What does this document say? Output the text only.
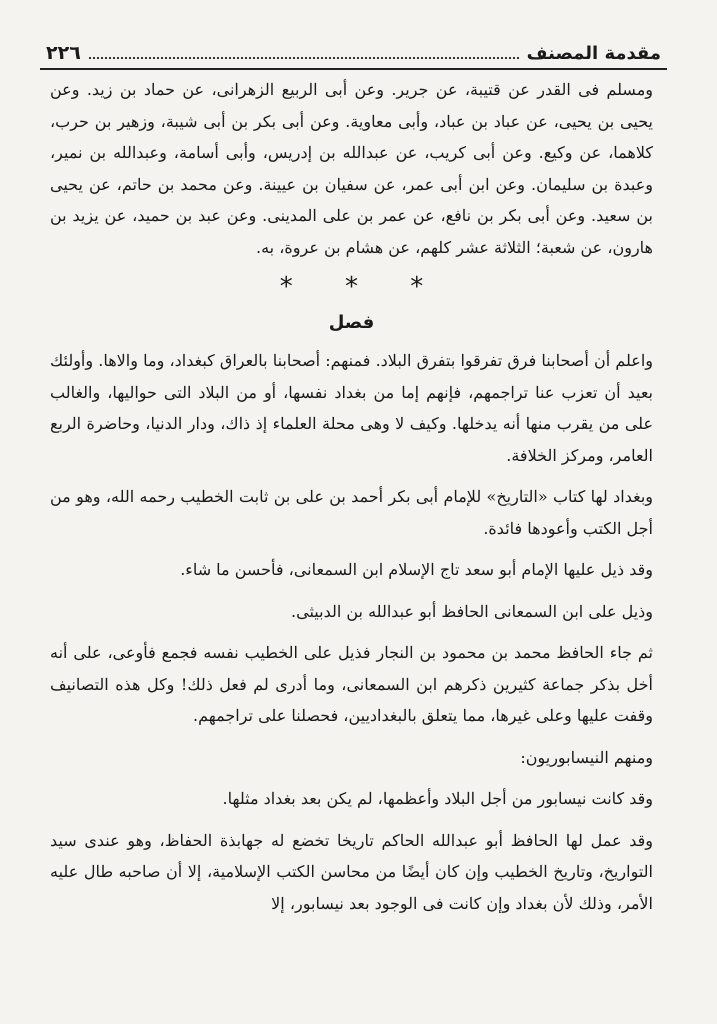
٢٢٦	مقدمة المصنف

ومسلم فى القدر عن قتيبة، عن جرير. وعن أبى الربيع الزهرانى، عن حماد بن زيد. وعن يحيى بن يحيى، عن عباد بن عباد، وأبى معاوية. وعن أبى بكر بن أبى شيبة، وزهير بن حرب، كلاهما، عن وكيع. وعن أبى كريب، عن عبدالله بن إدريس، وأبى أسامة، وعبدالله بن نمير، وعبدة بن سليمان. وعن ابن أبى عمر، عن سفيان بن عيينة. وعن محمد بن حاتم، عن يحيى بن سعيد. وعن أبى بكر بن نافع، عن عمر بن على المدينى. وعن عبد بن حميد، عن يزيد بن هارون، عن شعبة؛ الثلاثة عشر كلهم، عن هشام بن عروة، به.

* * *

فصل

واعلم أن أصحابنا فرق تفرقوا بتفرق البلاد. فمنهم: أصحابنا بالعراق كبغداد، وما والاها. وأولئك بعيد أن تعزب عنا تراجمهم، فإنهم إما من بغداد نفسها، أو من البلاد التى حواليها، والغالب على من يقرب منها أنه يدخلها. وكيف لا وهى محلة العلماء إذ ذاك، ودار الدنيا، وحاضرة الربع العامر، ومركز الخلافة.

وبغداد لها كتاب «التاريخ» للإمام أبى بكر أحمد بن على بن ثابت الخطيب رحمه الله، وهو من أجل الكتب وأعودها فائدة.

وقد ذيل عليها الإمام أبو سعد تاج الإسلام ابن السمعانى، فأحسن ما شاء.

وذيل على ابن السمعانى الحافظ أبو عبدالله بن الدبيثى.

ثم جاء الحافظ محمد بن محمود بن النجار فذيل على الخطيب نفسه فجمع فأوعى، على أنه أخل بذكر جماعة كثيرين ذكرهم ابن السمعانى، وما أدرى لم فعل ذلك! وكل هذه التصانيف وقفت عليها وعلى غيرها، مما يتعلق بالبغداديين، فحصلنا على تراجمهم.

ومنهم النيسابوريون:

وقد كانت نيسابور من أجل البلاد وأعظمها، لم يكن بعد بغداد مثلها.

وقد عمل لها الحافظ أبو عبدالله الحاكم تاريخا تخضع له جهابذة الحفاظ، وهو عندى سيد التواريخ، وتاريخ الخطيب وإن كان أيضًا من محاسن الكتب الإسلامية، إلا أن صاحبه طال عليه الأمر، وذلك لأن بغداد وإن كانت فى الوجود بعد نيسابور، إلا
